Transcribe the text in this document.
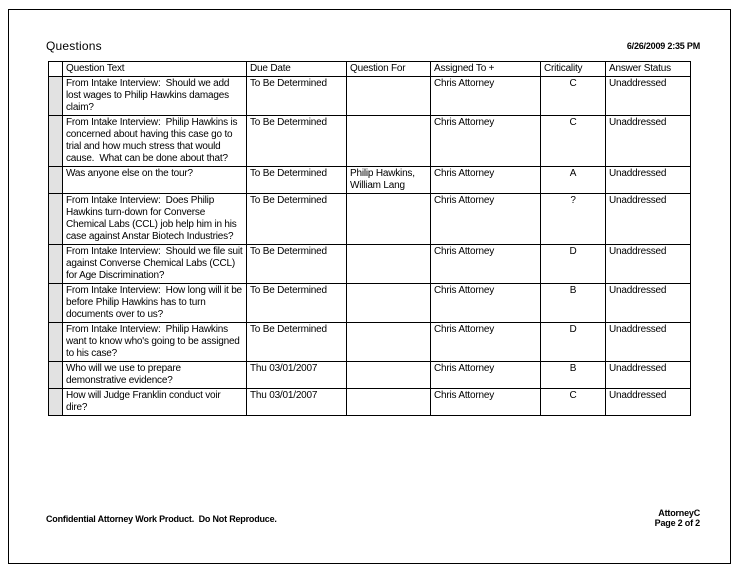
Questions	6/26/2009 2:35 PM
	Question Text	Due Date	Question For	Assigned To +	Criticality	Answer Status
	From Intake Interview:  Should we add lost wages to Philip Hawkins damages claim?	To Be Determined		Chris Attorney	C	Unaddressed
	From Intake Interview:  Philip Hawkins is concerned about having this case go to trial and how much stress that would cause.  What can be done about that?	To Be Determined		Chris Attorney	C	Unaddressed
	Was anyone else on the tour?	To Be Determined	Philip Hawkins, William Lang	Chris Attorney	A	Unaddressed
	From Intake Interview:  Does Philip Hawkins turn-down for Converse Chemical Labs (CCL) job help him in his case against Anstar Biotech Industries?	To Be Determined		Chris Attorney	?	Unaddressed
	From Intake Interview:  Should we file suit against Converse Chemical Labs (CCL) for Age Discrimination?	To Be Determined		Chris Attorney	D	Unaddressed
	From Intake Interview:  How long will it be before Philip Hawkins has to turn documents over to us?	To Be Determined		Chris Attorney	B	Unaddressed
	From Intake Interview:  Philip Hawkins want to know who's going to be assigned to his case?	To Be Determined		Chris Attorney	D	Unaddressed
	Who will we use to prepare demonstrative evidence?	Thu 03/01/2007		Chris Attorney	B	Unaddressed
	How will Judge Franklin conduct voir dire?	Thu 03/01/2007		Chris Attorney	C	Unaddressed
Confidential Attorney Work Product.  Do Not Reproduce.
AttorneyC
Page 2 of 2
